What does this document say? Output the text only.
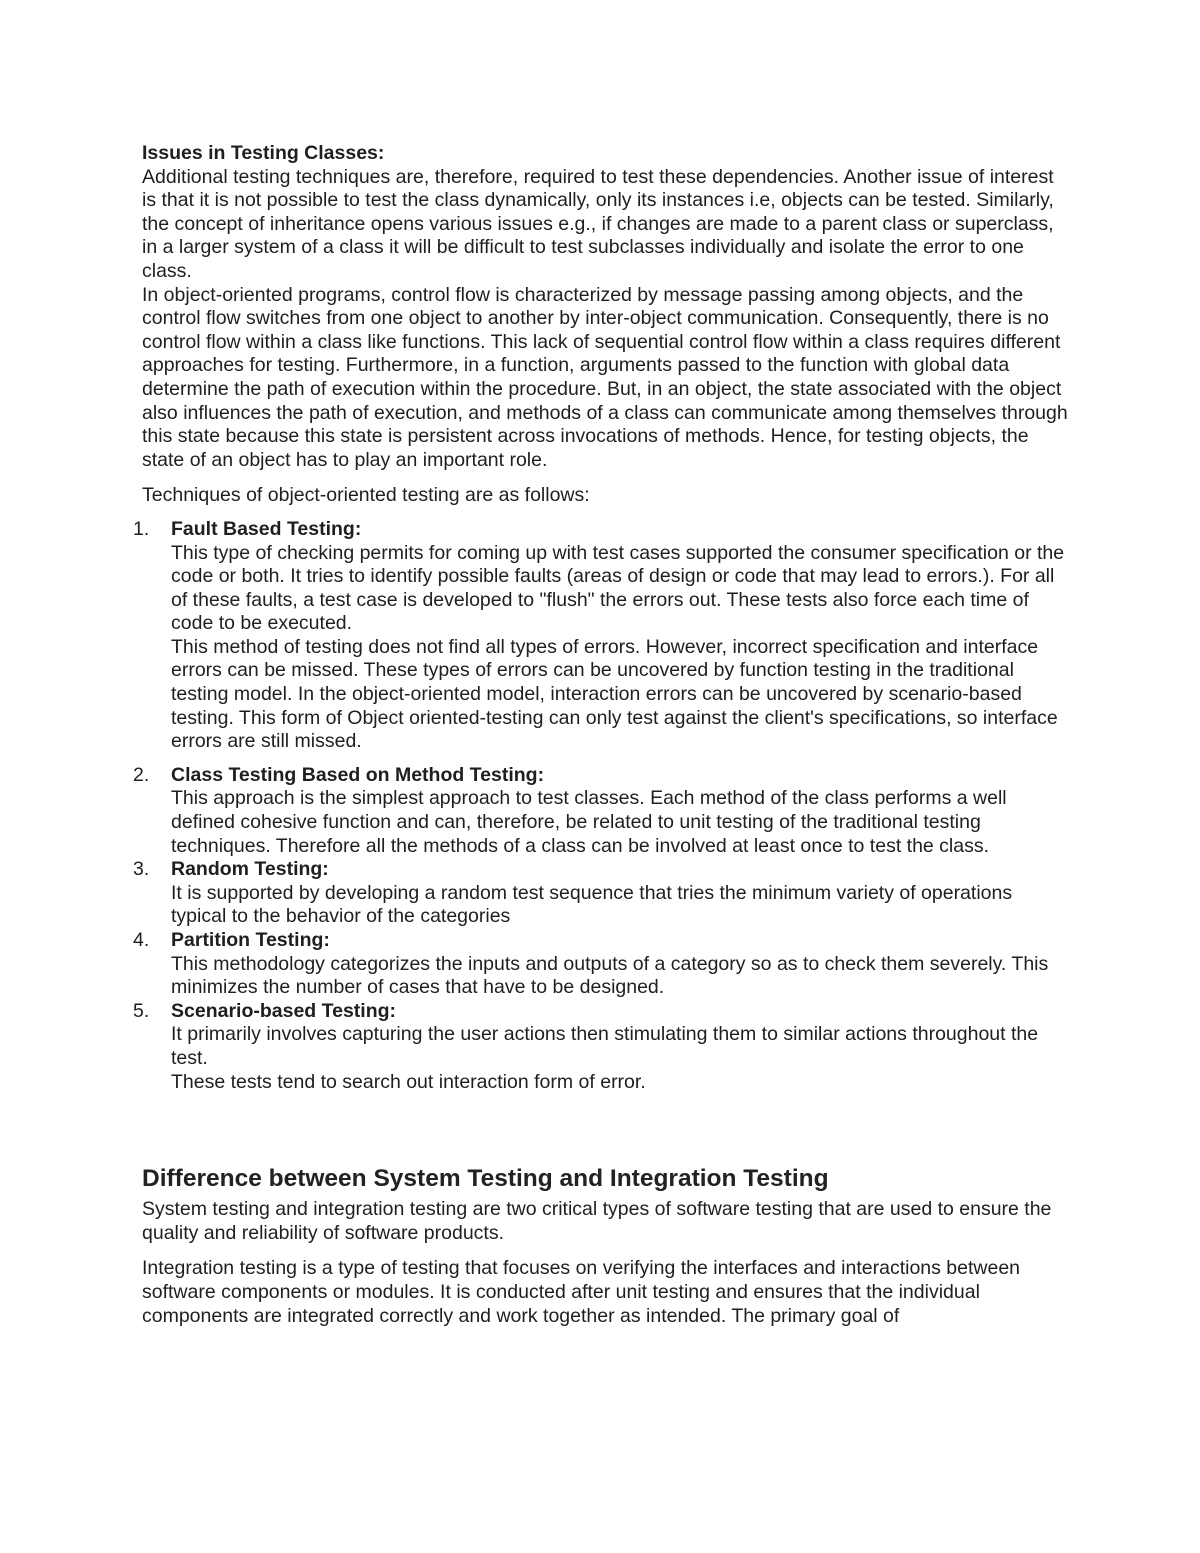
Issues in Testing Classes:

Additional testing techniques are, therefore, required to test these dependencies. Another issue of interest is that it is not possible to test the class dynamically, only its instances i.e, objects can be tested. Similarly, the concept of inheritance opens various issues e.g., if changes are made to a parent class or superclass, in a larger system of a class it will be difficult to test subclasses individually and isolate the error to one class.

In object-oriented programs, control flow is characterized by message passing among objects, and the control flow switches from one object to another by inter-object communication. Consequently, there is no control flow within a class like functions. This lack of sequential control flow within a class requires different approaches for testing. Furthermore, in a function, arguments passed to the function with global data determine the path of execution within the procedure. But, in an object, the state associated with the object also influences the path of execution, and methods of a class can communicate among themselves through this state because this state is persistent across invocations of methods. Hence, for testing objects, the state of an object has to play an important role.

Techniques of object-oriented testing are as follows:

1. Fault Based Testing:
This type of checking permits for coming up with test cases supported the consumer specification or the code or both. It tries to identify possible faults (areas of design or code that may lead to errors.). For all of these faults, a test case is developed to "flush" the errors out. These tests also force each time of code to be executed.
This method of testing does not find all types of errors. However, incorrect specification and interface errors can be missed. These types of errors can be uncovered by function testing in the traditional testing model. In the object-oriented model, interaction errors can be uncovered by scenario-based testing. This form of Object oriented-testing can only test against the client's specifications, so interface errors are still missed.
2. Class Testing Based on Method Testing:
This approach is the simplest approach to test classes. Each method of the class performs a well defined cohesive function and can, therefore, be related to unit testing of the traditional testing techniques. Therefore all the methods of a class can be involved at least once to test the class.
3. Random Testing:
It is supported by developing a random test sequence that tries the minimum variety of operations typical to the behavior of the categories
4. Partition Testing:
This methodology categorizes the inputs and outputs of a category so as to check them severely. This minimizes the number of cases that have to be designed.
5. Scenario-based Testing:
It primarily involves capturing the user actions then stimulating them to similar actions throughout the test.
These tests tend to search out interaction form of error.
Difference between System Testing and Integration Testing

System testing and integration testing are two critical types of software testing that are used to ensure the quality and reliability of software products.

Integration testing is a type of testing that focuses on verifying the interfaces and interactions between software components or modules. It is conducted after unit testing and ensures that the individual components are integrated correctly and work together as intended. The primary goal of
